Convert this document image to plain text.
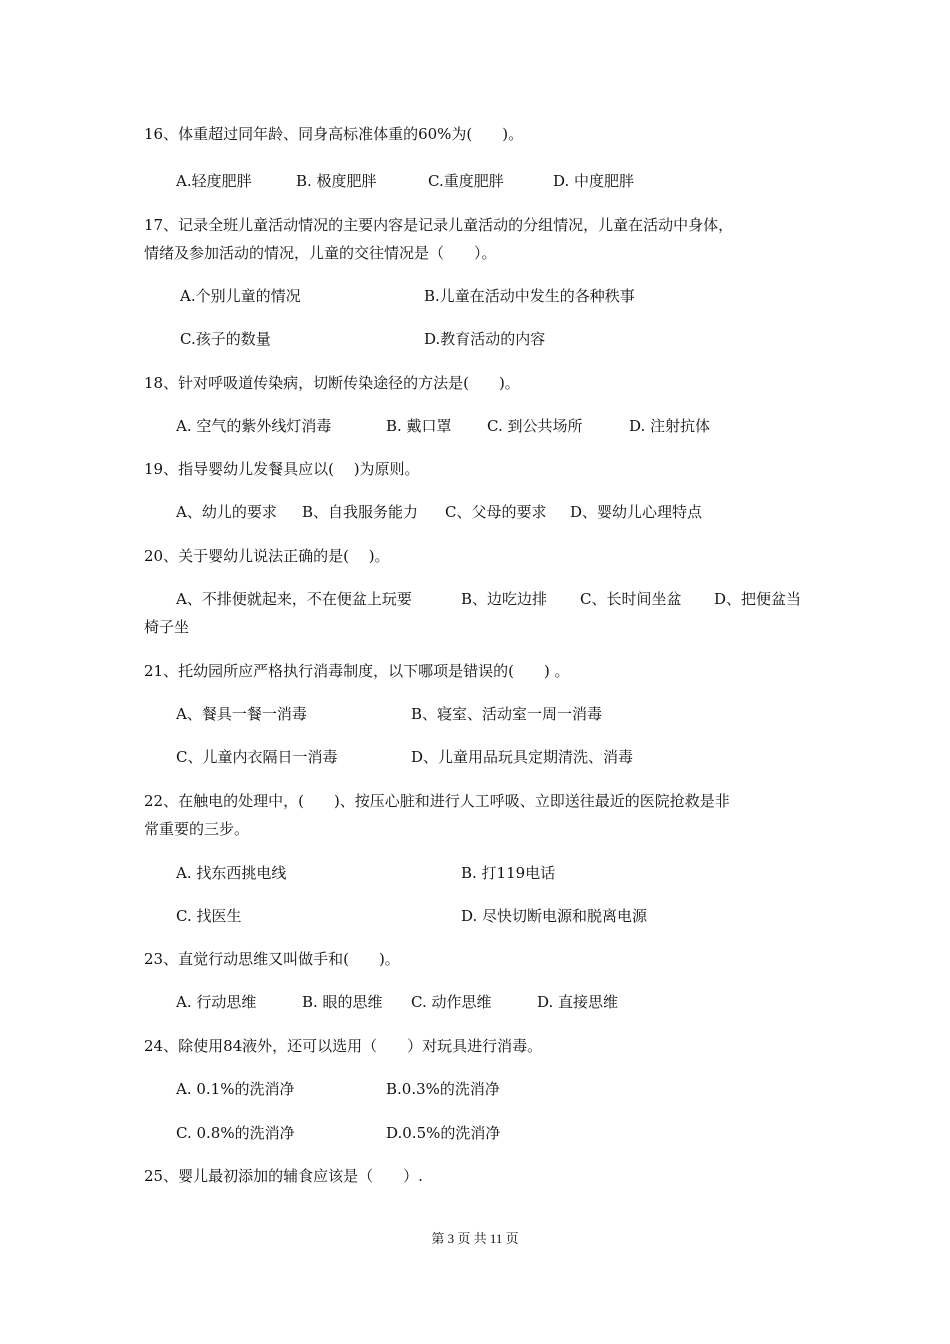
16、体重超过同年龄、同身高标准体重的60%为(　　)。
A.轻度肥胖	B. 极度肥胖	C.重度肥胖	D. 中度肥胖
17、记录全班儿童活动情况的主要内容是记录儿童活动的分组情况，儿童在活动中身体，
情绪及参加活动的情况，儿童的交往情况是（　　）。
A.个别儿童的情况	B.儿童在活动中发生的各种秩事
C.孩子的数量	D.教育活动的内容
18、针对呼吸道传染病，切断传染途径的方法是(　　)。
A. 空气的紫外线灯消毒	B. 戴口罩 C. 到公共场所	D. 注射抗体
19、指导婴幼儿发餐具应以(　 )为原则。
A、幼儿的要求 B、自我服务能力 C、父母的要求 D、婴幼儿心理特点
20、关于婴幼儿说法正确的是(　 )。
A、不排便就起来，不在便盆上玩要	B、边吃边排 C、长时间坐盆 D、把便盆当
椅子坐
21、托幼园所应严格执行消毒制度，以下哪项是错误的(　　) 。
A、餐具一餐一消毒	B、寝室、活动室一周一消毒
C、儿童内衣隔日一消毒	D、儿童用品玩具定期清洗、消毒
22、在触电的处理中，(　　)、按压心脏和进行人工呼吸、立即送往最近的医院抢救是非
常重要的三步。
A. 找东西挑电线	B. 打119电话
C. 找医生	D. 尽快切断电源和脱离电源
23、直觉行动思维又叫做手和(　　)。
A. 行动思维	B. 眼的思维 C. 动作思维	D. 直接思维
24、除使用84液外，还可以选用（　　）对玩具进行消毒。
A. 0.1%的洗消净	B.0.3%的洗消净
C. 0.8%的洗消净	D.0.5%的洗消净
25、婴儿最初添加的辅食应该是（　　）.
第 3 页 共 11 页
